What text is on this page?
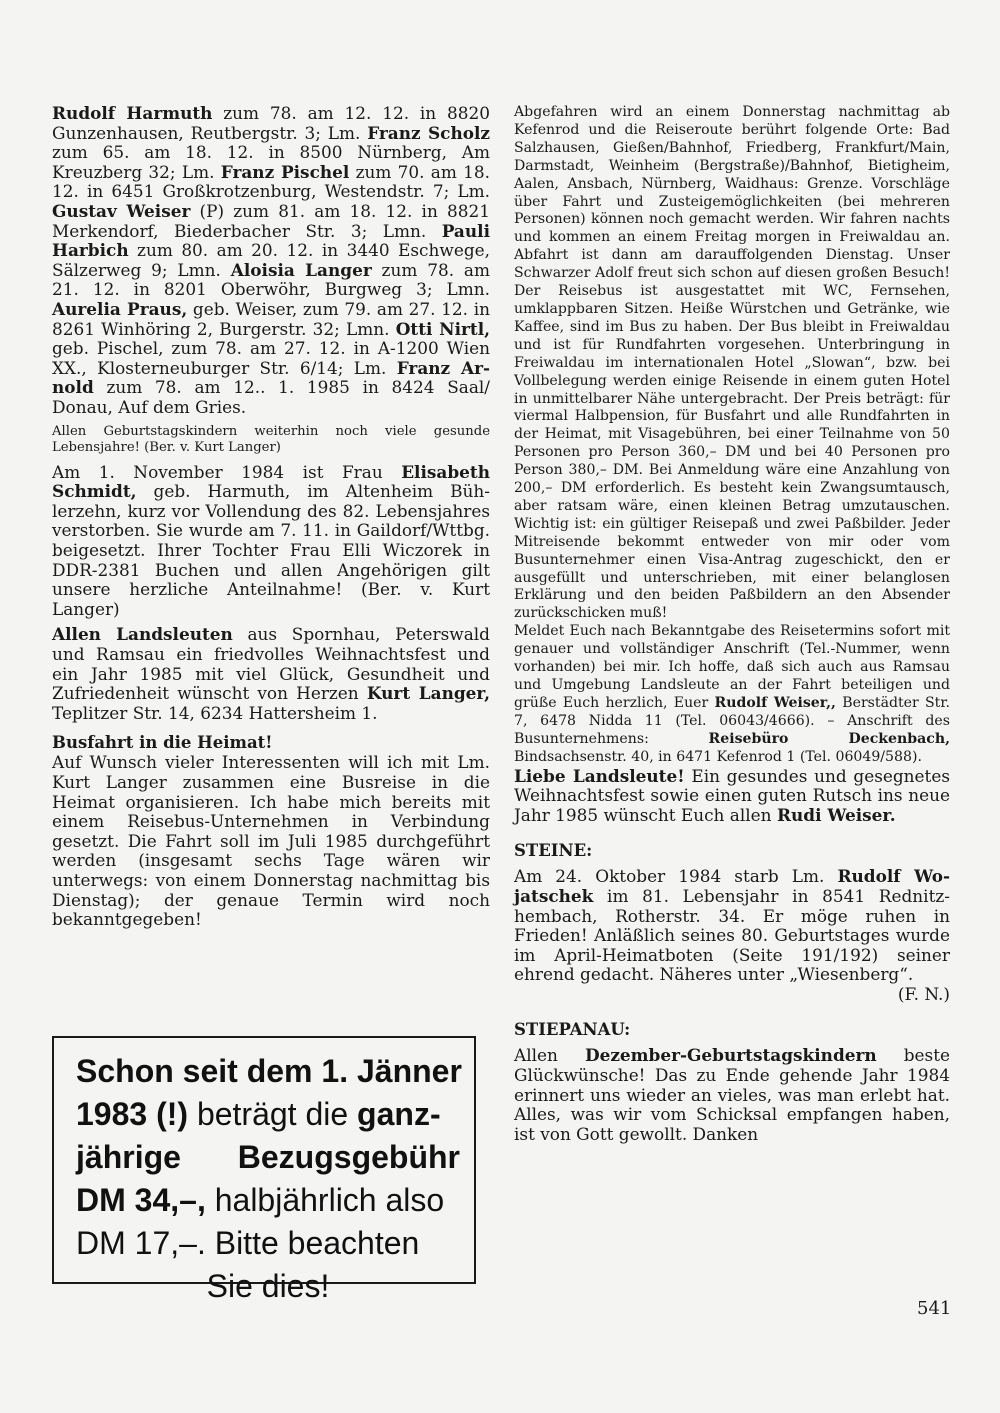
Rudolf Harmuth zum 78. am 12. 12. in 8820 Gunzenhausen, Reutbergstr. 3; Lm. Franz Scholz zum 65. am 18. 12. in 8500 Nürnberg, Am Kreuzberg 32; Lm. Franz Pischel zum 70. am 18. 12. in 6451 Großkrotzenburg, Westendstr. 7; Lm. Gustav Weiser (P) zum 81. am 18. 12. in 8821 Merkendorf, Biederbacher Str. 3; Lmn. Pauli Harbich zum 80. am 20. 12. in 3440 Eschwege, Sälzerweg 9; Lmn. Aloisia Langer zum 78. am 21. 12. in 8201 Oberwöhr, Burgweg 3; Lmn. Aurelia Praus, geb. Weiser, zum 79. am 27. 12. in 8261 Winhöring 2, Burgerstr. 32; Lmn. Otti Nirtl, geb. Pischel, zum 78. am 27. 12. in A-1200 Wien XX., Klosterneuburger Str. 6/14; Lm. Franz Arnold zum 78. am 12.. 1. 1985 in 8424 Saal/ Donau, Auf dem Gries.

Allen Geburtstagskindern weiterhin noch viele gesunde Lebensjahre! (Ber. v. Kurt Langer)

Am 1. November 1984 ist Frau Elisabeth Schmidt, geb. Harmuth, im Altenheim Bühlerzehn, kurz vor Vollendung des 82. Lebensjahres verstorben. Sie wurde am 7. 11. in Gaildorf/Wttbg. beigesetzt. Ihrer Tochter Frau Elli Wiczorek in DDR-2381 Buchen und allen Angehörigen gilt unsere herzliche Anteilnahme! (Ber. v. Kurt Langer)

Allen Landsleuten aus Spornhau, Peterswald und Ramsau ein friedvolles Weihnachtsfest und ein Jahr 1985 mit viel Glück, Gesundheit und Zufriedenheit wünscht von Herzen Kurt Langer, Teplitzer Str. 14, 6234 Hattersheim 1.

Busfahrt in die Heimat!

Auf Wunsch vieler Interessenten will ich mit Lm. Kurt Langer zusammen eine Busreise in die Heimat organisieren. Ich habe mich bereits mit einem Reisebus-Unternehmen in Verbindung gesetzt. Die Fahrt soll im Juli 1985 durchgeführt werden (insgesamt sechs Tage wären wir unterwegs: von einem Donnerstag nachmittag bis Dienstag); der genaue Termin wird noch bekanntgegeben!

Schon seit dem 1. Jänner
1983 (!) beträgt die ganz-
jährige Bezugsgebühr
DM 34,–, halbjährlich also
DM 17,–. Bitte beachten
Sie dies!

Abgefahren wird an einem Donnerstag nachmittag ab Kefenrod und die Reiseroute berührt folgende Orte: Bad Salzhausen, Gießen/Bahnhof, Friedberg, Frankfurt/Main, Darmstadt, Weinheim (Bergstraße)/Bahnhof, Bietigheim, Aalen, Ansbach, Nürnberg, Waidhaus: Grenze. Vorschläge über Fahrt und Zusteigemöglichkeiten (bei mehreren Personen) können noch gemacht werden. Wir fahren nachts und kommen an einem Freitag morgen in Freiwaldau an. Abfahrt ist dann am darauffolgenden Dienstag. Unser Schwarzer Adolf freut sich schon auf diesen großen Besuch! Der Reisebus ist ausgestattet mit WC, Fernsehen, umklappbaren Sitzen. Heiße Würstchen und Getränke, wie Kaffee, sind im Bus zu haben. Der Bus bleibt in Freiwaldau und ist für Rundfahrten vorgesehen. Unterbringung in Freiwaldau im internationalen Hotel „Slowan“, bzw. bei Vollbelegung werden einige Reisende in einem guten Hotel in unmittelbarer Nähe untergebracht. Der Preis beträgt: für viermal Halbpension, für Busfahrt und alle Rundfahrten in der Heimat, mit Visagebühren, bei einer Teilnahme von 50 Personen pro Person 360,– DM und bei 40 Personen pro Person 380,– DM. Bei Anmeldung wäre eine Anzahlung von 200,– DM erforderlich. Es besteht kein Zwangsumtausch, aber ratsam wäre, einen kleinen Betrag umzutauschen. Wichtig ist: ein gültiger Reisepaß und zwei Paßbilder. Jeder Mitreisende bekommt entweder von mir oder vom Busunternehmer einen Visa-Antrag zugeschickt, den er ausgefüllt und unterschrieben, mit einer belanglosen Erklärung und den beiden Paßbildern an den Absender zurückschicken muß!

Meldet Euch nach Bekanntgabe des Reisetermins sofort mit genauer und vollständiger Anschrift (Tel.-Nummer, wenn vorhanden) bei mir. Ich hoffe, daß sich auch aus Ramsau und Umgebung Landsleute an der Fahrt beteiligen und grüße Euch herzlich, Euer Rudolf Weiser,, Berstädter Str. 7, 6478 Nidda 11 (Tel. 06043/4666). – Anschrift des Busunternehmens: Reisebüro Deckenbach, Bindsachsenstr. 40, in 6471 Kefenrod 1 (Tel. 06049/588).

Liebe Landsleute! Ein gesundes und gesegnetes Weihnachtsfest sowie einen guten Rutsch ins neue Jahr 1985 wünscht Euch allen Rudi Weiser.

STEINE:

Am 24. Oktober 1984 starb Lm. Rudolf Wojatschek im 81. Lebensjahr in 8541 Rednitzhembach, Rotherstr. 34. Er möge ruhen in Frieden! Anläßlich seines 80. Geburtstages wurde im April-Heimatboten (Seite 191/192) seiner ehrend gedacht. Näheres unter „Wiesenberg“.

(F. N.)
STIEPANAU:

Allen Dezember-Geburtstagskindern beste Glückwünsche! Das zu Ende gehende Jahr 1984 erinnert uns wieder an vieles, was man erlebt hat. Alles, was wir vom Schicksal empfangen haben, ist von Gott gewollt. Danken

541
